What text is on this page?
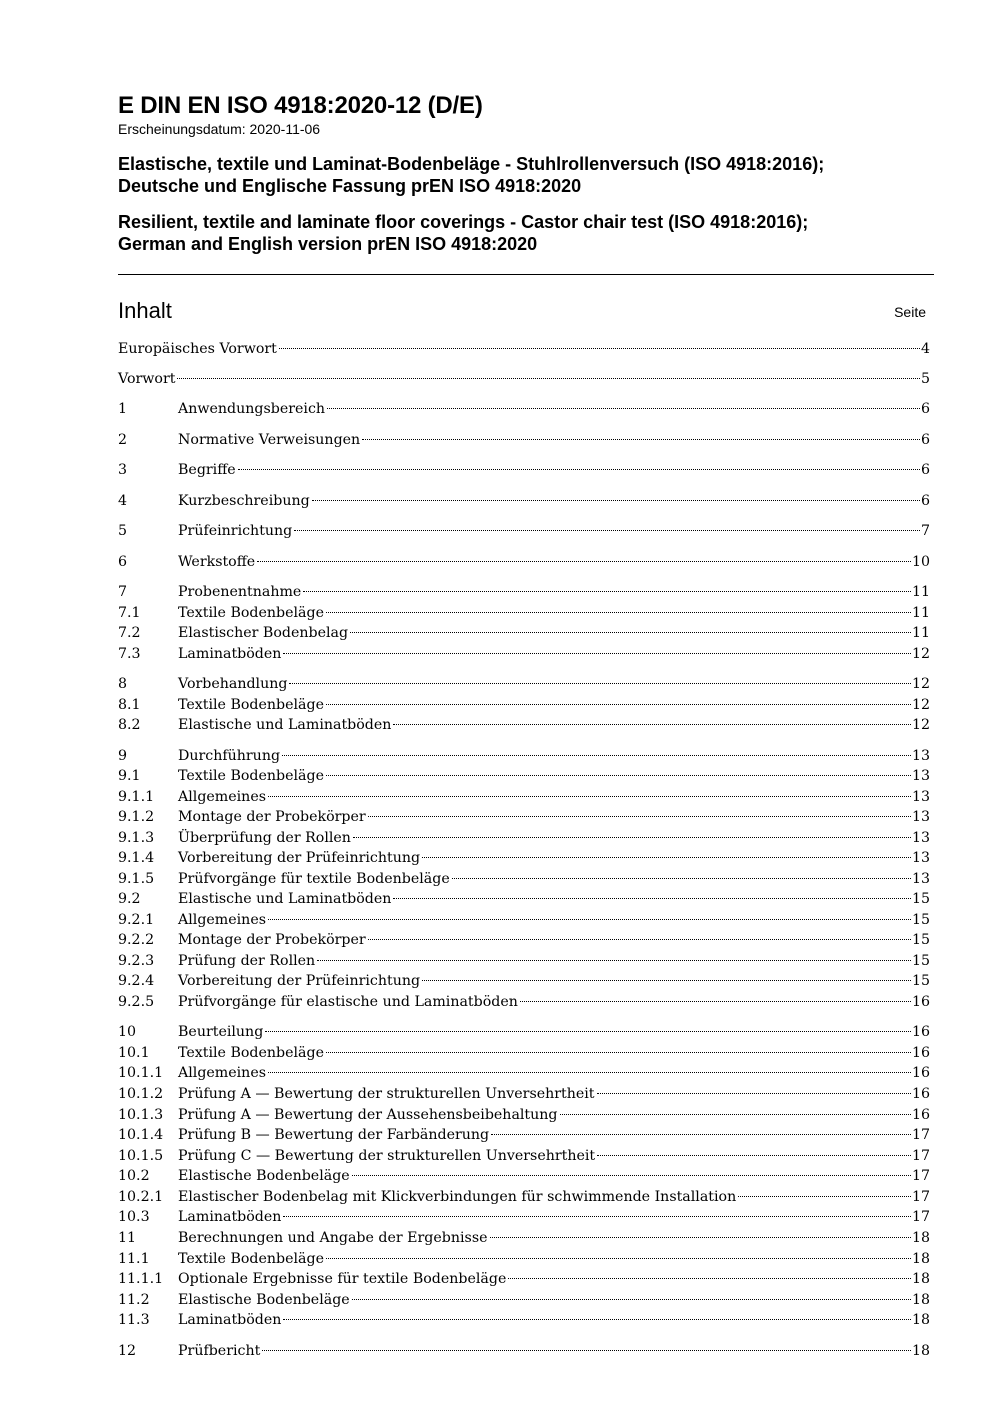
E DIN EN ISO 4918:2020-12 (D/E)
Erscheinungsdatum: 2020-11-06
Elastische, textile und Laminat-Bodenbeläge - Stuhlrollenversuch (ISO 4918:2016);
Deutsche und Englische Fassung prEN ISO 4918:2020
Resilient, textile and laminate floor coverings - Castor chair test (ISO 4918:2016);
German and English version prEN ISO 4918:2020
Inhalt	Seite
Europäisches Vorwort	4
Vorwort	5
1	Anwendungsbereich	6
2	Normative Verweisungen	6
3	Begriffe	6
4	Kurzbeschreibung	6
5	Prüfeinrichtung	7
6	Werkstoffe	10
7	Probenentnahme	11
7.1	Textile Bodenbeläge	11
7.2	Elastischer Bodenbelag	11
7.3	Laminatböden	12
8	Vorbehandlung	12
8.1	Textile Bodenbeläge	12
8.2	Elastische und Laminatböden	12
9	Durchführung	13
9.1	Textile Bodenbeläge	13
9.1.1	Allgemeines	13
9.1.2	Montage der Probekörper	13
9.1.3	Überprüfung der Rollen	13
9.1.4	Vorbereitung der Prüfeinrichtung	13
9.1.5	Prüfvorgänge für textile Bodenbeläge	13
9.2	Elastische und Laminatböden	15
9.2.1	Allgemeines	15
9.2.2	Montage der Probekörper	15
9.2.3	Prüfung der Rollen	15
9.2.4	Vorbereitung der Prüfeinrichtung	15
9.2.5	Prüfvorgänge für elastische und Laminatböden	16
10	Beurteilung	16
10.1	Textile Bodenbeläge	16
10.1.1	Allgemeines	16
10.1.2	Prüfung A — Bewertung der strukturellen Unversehrtheit	16
10.1.3	Prüfung A — Bewertung der Aussehensbeibehaltung	16
10.1.4	Prüfung B — Bewertung der Farbänderung	17
10.1.5	Prüfung C — Bewertung der strukturellen Unversehrtheit	17
10.2	Elastische Bodenbeläge	17
10.2.1	Elastischer Bodenbelag mit Klickverbindungen für schwimmende Installation	17
10.3	Laminatböden	17
11	Berechnungen und Angabe der Ergebnisse	18
11.1	Textile Bodenbeläge	18
11.1.1	Optionale Ergebnisse für textile Bodenbeläge	18
11.2	Elastische Bodenbeläge	18
11.3	Laminatböden	18
12	Prüfbericht	18
